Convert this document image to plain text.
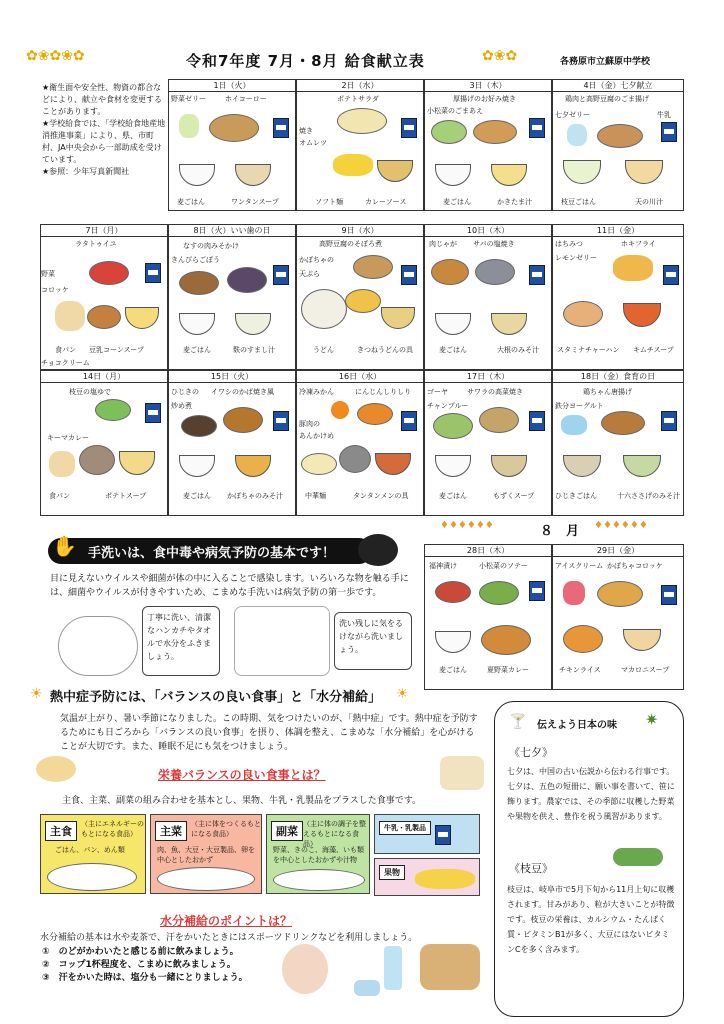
✿❀✿❀✿	令和7年度 7月・8月 給食献立表	✿❀✿	各務原市立蘇原中学校
★衛生面や安全性、物資の都合などにより、献立や食材を変更することがあります。
★学校給食では、「学校給食地産地消推進事業」により、県、市町村、JA中央会から一部助成を受けています。
★参照：少年写真新聞社
1日（火）
野菜ゼリー	ホイコーロー
麦ごはん	ワンタンスープ
2日（水）
ポテトサラダ
焼き
オムレツ
ソフト麺	カレーソース
3日（木）
厚揚げのお好み焼き
小松菜のごまあえ
麦ごはん	かきたま汁
4日（金）七夕献立
鶏肉と高野豆腐のごま揚げ
七夕ゼリー	牛乳
枝豆ごはん	天の川汁
7日（月）
ラタトゥイユ
野菜
コロッケ
食パン 豆乳コーンスープ
チョコクリーム
8日（火）いい歯の日
なすの肉みそかけ
きんぴらごぼう
麦ごはん	麩のすまし汁
9日（水）
高野豆腐のそぼろ煮
かぼちゃの
天ぷら
うどん	きつねうどんの具
10日（木）
肉じゃが サバの塩焼き
麦ごはん	大根のみそ汁
11日（金）
はちみつ
レモンゼリー
ホキフライ
スタミナチャーハン キムチスープ
14日（月）
枝豆の塩ゆで
キーマカレー
食パン	ポテトスープ
15日（火）
ひじきの
炒め煮
イワシのかば焼き風
麦ごはん かぼちゃのみそ汁
16日（水）
冷凍みかん	にんじんしりしり
豚肉の
あんかけめ
中華麺	タンタンメンの具
17日（木）
ゴーヤ
チャンプルー
サワラの高菜焼き
麦ごはん	もずくスープ
18日（金）食育の日
鶏ちゃん唐揚げ
鉄分ヨーグルト
ひじきごはん	十六ささげのみそ汁
♦♦♦♦♦♦	８　月 ♦♦♦♦♦♦
28日（木）
福神漬け	小松菜のソテー
麦ごはん	夏野菜カレー
29日（金）
アイスクリーム かぼちゃコロッケ
チキンライス	マカロニスープ
手洗いは、食中毒や病気予防の基本です！
✋
目に見えないウイルスや細菌が体の中に入ることで感染します。いろいろな物を触る手には、細菌やウイルスが付きやすいため、こまめな手洗いは病気予防の第一歩です。
丁寧に洗い、清潔なハンカチやタオルで水分をふきましょう。
洗い残しに気をるけながら洗いましょう。
☀ 熱中症予防には、「バランスの良い食事」と「水分補給」 ☀
気温が上がり、暑い季節になりました。この時期、気をつけたいのが、「熱中症」です。熱中症を予防するためにも日ごろから「バランスの良い食事」を摂り、体調を整え、こまめな「水分補給」を心がけることが大切です。また、睡眠不足にも気をつけましょう。
栄養バランスの良い食事とは？
主食、主菜、副菜の組み合わせを基本とし、果物、牛乳・乳製品をプラスした食事です。
主食
（主にエネルギーのもとになる食品）
ごはん、パン、めん類
主菜
（主に体をつくるもとになる食品）
肉、魚、大豆・大豆製品、卵を中心としたおかず
副菜
（主に体の調子を整えるもとになる食品）
野菜、きのこ、海藻、いも類を中心としたおかずや汁物
牛乳・乳製品
果物
水分補給のポイントは？
水分補給の基本は水や麦茶で、汗をかいたときにはスポーツドリンクなどを利用しましょう。
①　のどがかわいたと感じる前に飲みましょう。
②　コップ1杯程度を、こまめに飲みましょう。
③　汗をかいた時は、塩分も一緒にとりましょう。
🍸 伝えよう日本の味 ✷
《七夕》
七夕は、中国の古い伝説から伝わる行事です。七夕は、五色の短冊に、願い事を書いて、笹に飾ります。農家では、その季節に収穫した野菜や果物を供え、豊作を祝う風習があります。
《枝豆》
枝豆は、岐阜市で5月下旬から11月上旬に収穫されます。甘みがあり、粒が大きいことが特徴です。枝豆の栄養は、カルシウム・たんぱく質・ビタミンB1が多く、大豆にはないビタミンCを多く含みます。
